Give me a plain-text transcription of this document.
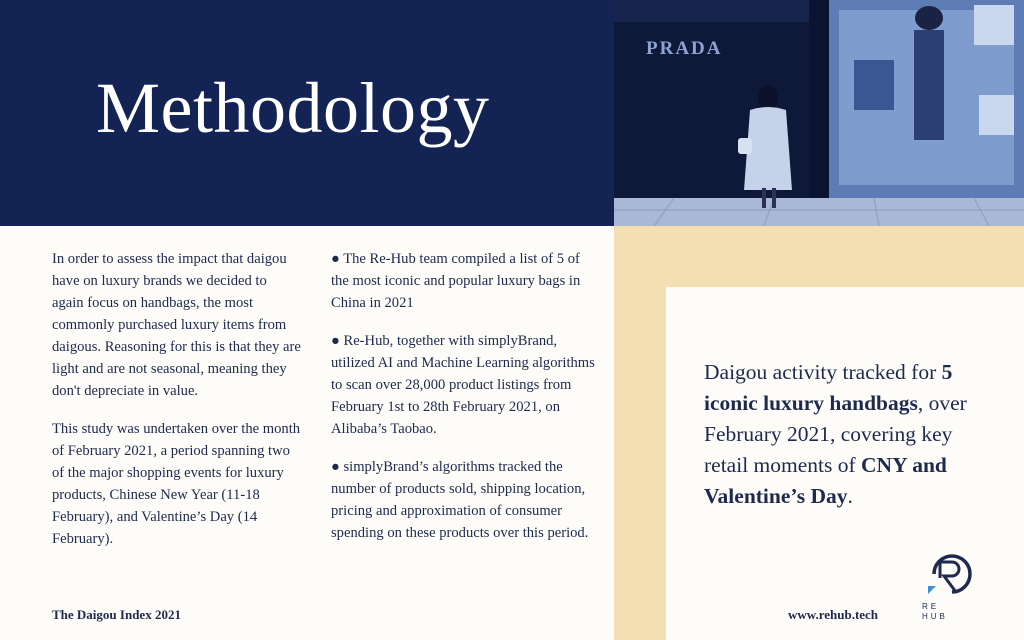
Methodology
PRADA

Daigou activity tracked for 5 iconic luxury handbags, over February 2021, covering key retail moments of CNY and Valentine’s Day.

In order to assess the impact that daigou have on luxury brands we decided to again focus on handbags, the most commonly purchased luxury items from daigous. Reasoning for this is that they are light and are not seasonal, meaning they don't depreciate in value.

This study was undertaken over the month of February 2021, a period spanning two of the major shopping events for luxury products, Chinese New Year (11-18 February), and Valentine’s Day (14 February).

● The Re-Hub team compiled a list of 5 of the most iconic and popular luxury bags in China in 2021

● Re-Hub, together with simplyBrand, utilized AI and Machine Learning algorithms to scan over 28,000 product listings from February 1st to 28th February 2021, on Alibaba’s Taobao.

● simplyBrand’s algorithms tracked the number of products sold, shipping location, pricing and approximation of consumer spending on these products over this period.

The Daigou Index 2021	www.rehub.tech
RE
HUB
